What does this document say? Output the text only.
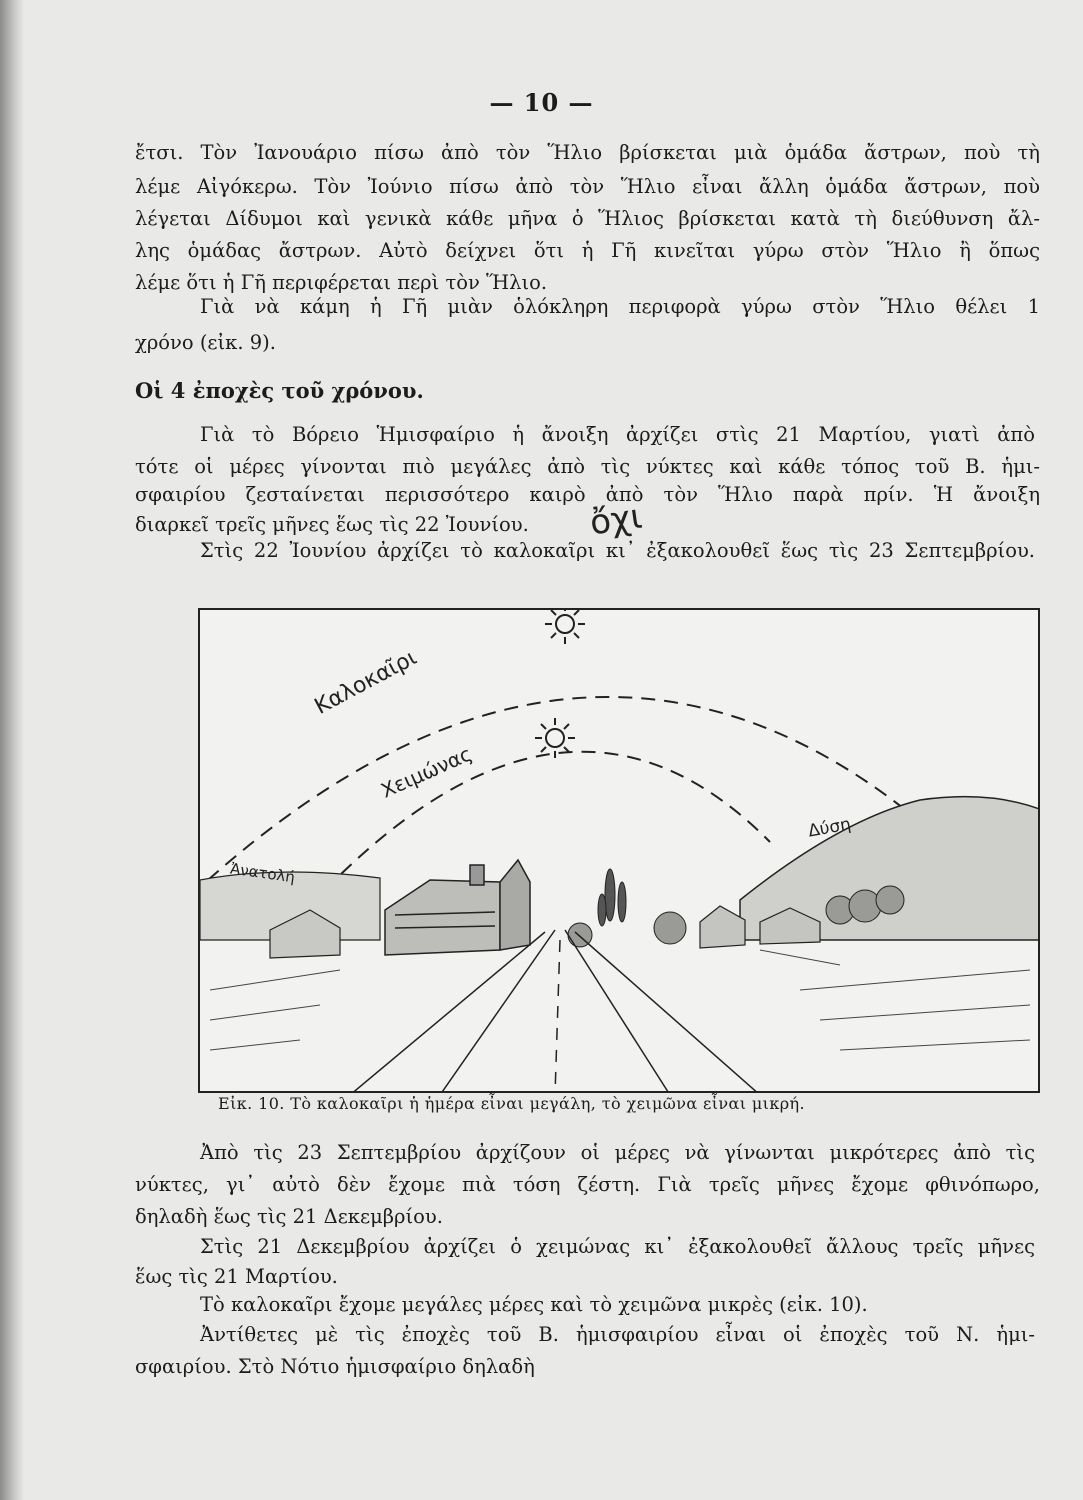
— 10 —
ἔτσι. Τὸν Ἰανουάριο πίσω ἀπὸ τὸν Ἥλιο βρίσκεται μιὰ ὁμάδα ἄστρων, ποὺ τὴ
λέμε Αἰγόκερω. Τὸν Ἰούνιο πίσω ἀπὸ τὸν Ἥλιο εἶναι ἄλλη ὁμάδα ἄστρων, ποὺ
λέγεται Δίδυμοι καὶ γενικὰ κάθε μῆνα ὁ Ἥλιος βρίσκεται κατὰ τὴ διεύθυνση ἄλ-
λης ὁμάδας ἄστρων. Αὐτὸ δείχνει ὅτι ἡ Γῆ κινεῖται γύρω στὸν Ἥλιο ἢ ὅπως
λέμε ὅτι ἡ Γῆ περιφέρεται περὶ τὸν Ἥλιο.
Γιὰ νὰ κάμη ἡ Γῆ μιὰν ὁλόκληρη περιφορὰ γύρω στὸν Ἥλιο θέλει 1
χρόνο (εἰκ. 9).
Οἱ 4 ἐποχὲς τοῦ χρόνου.
Γιὰ τὸ Βόρειο Ἡμισφαίριο ἡ ἄνοιξη ἀρχίζει στὶς 21 Μαρτίου, γιατὶ ἀπὸ
τότε οἱ μέρες γίνονται πιὸ μεγάλες ἀπὸ τὶς νύκτες καὶ κάθε τόπος τοῦ Β. ἡμι-
σφαιρίου ζεσταίνεται περισσότερο καιρὸ ἀπὸ τὸν Ἥλιο παρὰ πρίν. Ἡ ἄνοιξη
διαρκεῖ τρεῖς μῆνες ἕως τὶς 22 Ἰουνίου.
Στὶς 22 Ἰουνίου ἀρχίζει τὸ καλοκαῖρι κι᾿ ἐξακολουθεῖ ἕως τὶς 23 Σεπτεμβρίου.
ὄχι
Καλοκαῖρι
Χειμώνας
Ἀνατολή
Δύση
Εἰκ. 10. Τὸ καλοκαῖρι ἡ ἡμέρα εἶναι μεγάλη, τὸ χειμῶνα εἶναι μικρή.
Ἀπὸ τὶς 23 Σεπτεμβρίου ἀρχίζουν οἱ μέρες νὰ γίνωνται μικρότερες ἀπὸ τὶς
νύκτες, γι᾿ αὐτὸ δὲν ἔχομε πιὰ τόση ζέστη. Γιὰ τρεῖς μῆνες ἔχομε φθινόπωρο,
δηλαδὴ ἕως τὶς 21 Δεκεμβρίου.
Στὶς 21 Δεκεμβρίου ἀρχίζει ὁ χειμώνας κι᾿ ἐξακολουθεῖ ἄλλους τρεῖς μῆνες
ἕως τὶς 21 Μαρτίου.
Τὸ καλοκαῖρι ἔχομε μεγάλες μέρες καὶ τὸ χειμῶνα μικρὲς (εἰκ. 10).
Ἀντίθετες μὲ τὶς ἐποχὲς τοῦ Β. ἡμισφαιρίου εἶναι οἱ ἐποχὲς τοῦ Ν. ἡμι-
σφαιρίου. Στὸ Νότιο ἡμισφαίριο δηλαδὴ
